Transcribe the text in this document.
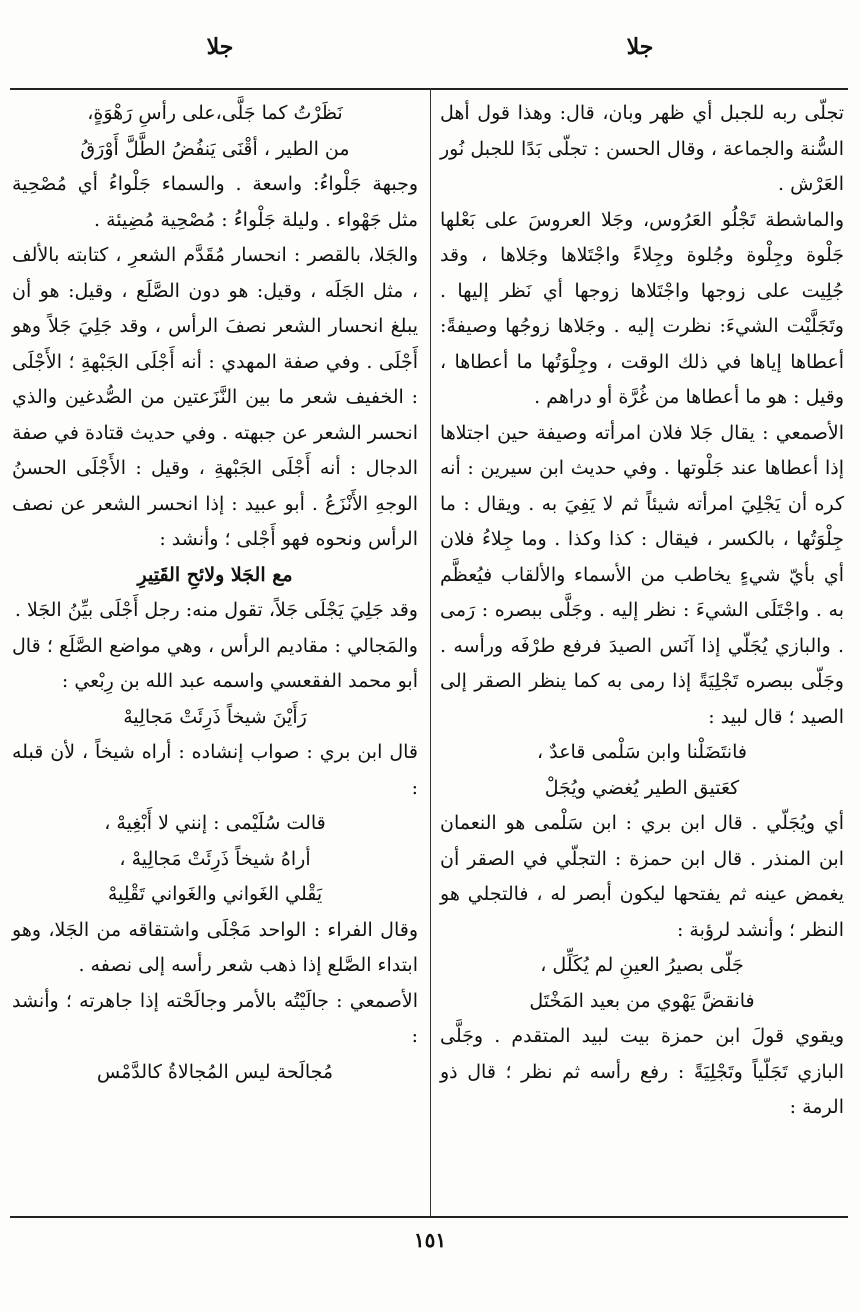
جلا
جلا

تجلّى ربه للجبل أي ظهر وبان، قال: وهذا قول أهل السُّنة والجماعة ، وقال الحسن : تجلّى بَدًا للجبل نُور العَرْش .

والماشطة تَجْلُو العَرُوس، وجَلا العروسَ على بَعْلها جَلْوة وجِلْوة وجُلوة وجِلاءً واجْتَلاها وجَلاها ، وقد جُلِيت على زوجها واجْتَلاها زوجها أي نَظر إليها . وتَجَلَّيْت الشيءَ: نظرت إليه . وجَلاها زوجُها وصيفةً: أعطاها إياها في ذلك الوقت ، وجِلْوَتُها ما أعطاها ، وقيل : هو ما أعطاها من غُرَّة أو دراهم .

الأصمعي : يقال جَلا فلان امرأته وصيفة حين اجتلاها إذا أعطاها عند جَلْوتها . وفي حديث ابن سيرين : أنه كره أن يَجْلِيَ امرأته شيئاً ثم لا يَفِيَ به . ويقال : ما جِلْوَتُها ، بالكسر ، فيقال : كذا وكذا . وما جِلاءُ فلان أي بأيّ شيءٍ يخاطب من الأسماء والألقاب فيُعظَّم به . واجْتَلَى الشيءَ : نظر إليه . وجَلَّى ببصره : رَمى . والبازي يُجَلّي إذا آنَس الصيدَ فرفع طرْفَه ورأسه . وجَلّى ببصره تَجْلِيَةً إذا رمى به كما ينظر الصقر إلى الصيد ؛ قال لبيد :

فانتَضَلْنا وابن سَلْمى قاعدٌ ،

كعَتيق الطير يُغضي ويُجَلْ

أي ويُجَلّي . قال ابن بري : ابن سَلْمى هو النعمان ابن المنذر . قال ابن حمزة : التجلّي في الصقر أن يغمض عينه ثم يفتحها ليكون أبصر له ، فالتجلي هو النظر ؛ وأنشد لرؤبة :

جَلّى بصيرُ العينِ لم يُكَلِّل ،

فانقضَّ يَهْوي من بعيد المَخْتَل

ويقوي قولَ ابن حمزة بيت لبيد المتقدم . وجَلَّى البازي تَجَلّياً وتَجْلِيَةً : رفع رأسه ثم نظر ؛ قال ذو الرمة :

نَظَرْتُ كما جَلَّى،على رأسِ رَهْوَةٍ،

من الطير ، أقْنَى يَنفُضُ الطَّلَّ أَوْرَقُ

وجبهة جَلْواءُ: واسعة . والسماء جَلْواءُ أي مُصْحِية مثل جَهْواء . وليلة جَلْواءُ : مُصْحِية مُضِيئة .

والجَلا، بالقصر : انحسار مُقَدَّم الشعرِ ، كتابته بالألف ، مثل الجَلَه ، وقيل: هو دون الصَّلَع ، وقيل: هو أن يبلغ انحسار الشعر نصفَ الرأس ، وقد جَلِيَ جَلاً وهو أَجْلَى . وفي صفة المهدي : أنه أَجْلَى الجَبْهةِ ؛ الأَجْلَى : الخفيف شعر ما بين النَّزَعتين من الصُّدغين والذي انحسر الشعر عن جبهته . وفي حديث قتادة في صفة الدجال : أنه أَجْلَى الجَبْهةِ ، وقيل : الأَجْلَى الحسنُ الوجهِ الأَنْزَعُ . أبو عبيد : إذا انحسر الشعر عن نصف الرأس ونحوه فهو أَجْلى ؛ وأنشد :

مع الجَلا ولائحِ القَتِيرِ

وقد جَلِيَ يَجْلَى جَلاً، تقول منه: رجل أَجْلَى بيِّنُ الجَلا .

والمَجالي : مقاديم الرأس ، وهي مواضع الصَّلَع ؛ قال أبو محمد الفقعسي واسمه عبد الله بن رِبْعي :

رَأَيْنَ شيخاً ذَرِئَتْ مَجالِيهْ

قال ابن بري : صواب إنشاده : أراه شيخاً ، لأن قبله :

قالت سُلَيْمى : إنني لا أَبْغِيهْ ،

أراهُ شيخاً ذَرِئَتْ مَجالِيهْ ،

يَقْلي الغَواني والغَواني تَقْلِيهْ

وقال الفراء : الواحد مَجْلَى واشتقاقه من الجَلا، وهو ابتداء الصَّلع إذا ذهب شعر رأسه إلى نصفه .

الأصمعي : جالَيْتُه بالأمر وجالَحْته إذا جاهرته ؛ وأنشد :

مُجالَحة ليس المُجالاةُ كالدَّمْس

١٥١
